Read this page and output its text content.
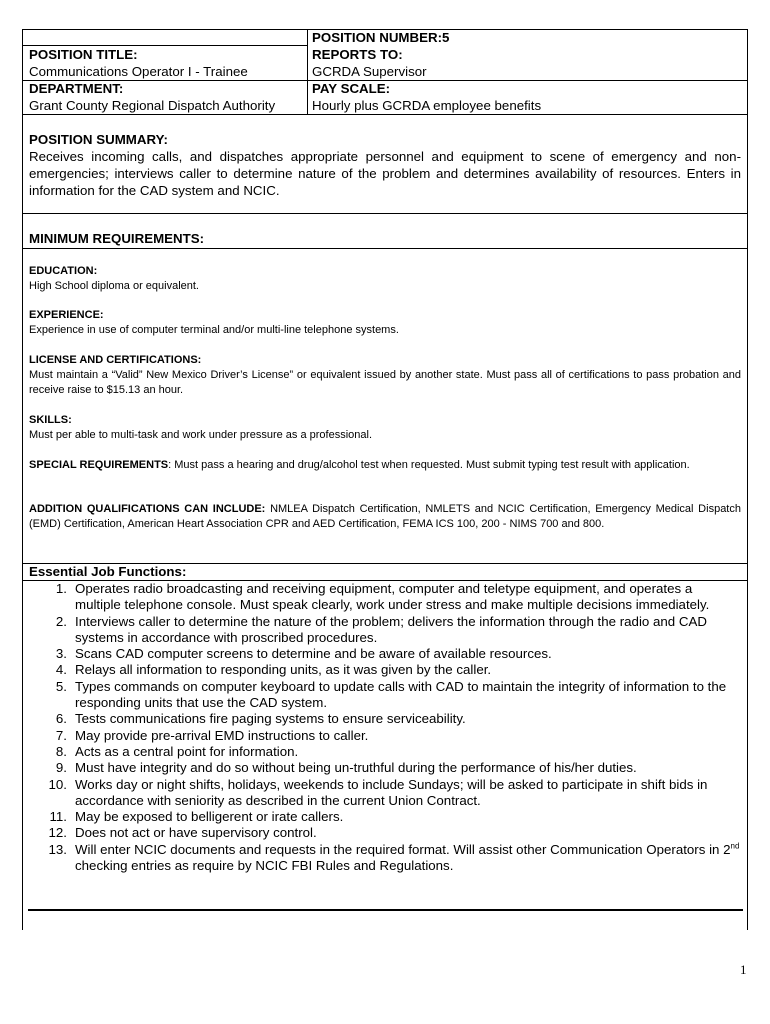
POSITION NUMBER:5
POSITION TITLE:
Communications Operator I - Trainee
REPORTS TO:
GCRDA Supervisor
DEPARTMENT:
Grant County Regional Dispatch Authority
PAY SCALE:
Hourly plus GCRDA employee benefits
POSITION SUMMARY:
Receives incoming calls, and dispatches appropriate personnel and equipment to scene of emergency and non-emergencies; interviews caller to determine nature of the problem and determines availability of resources. Enters in information for the CAD system and NCIC.
MINIMUM REQUIREMENTS:
EDUCATION:
High School diploma or equivalent.
EXPERIENCE:
Experience in use of computer terminal and/or multi-line telephone systems.
LICENSE AND CERTIFICATIONS:
Must maintain a “Valid” New Mexico Driver’s License” or equivalent issued by another state. Must pass all of certifications to pass probation and receive raise to $15.13 an hour.
SKILLS:
Must per able to multi-task and work under pressure as a professional.
SPECIAL REQUIREMENTS: Must pass a hearing and drug/alcohol test when requested. Must submit typing test result with application.
ADDITION QUALIFICATIONS CAN INCLUDE: NMLEA Dispatch Certification, NMLETS and NCIC Certification, Emergency Medical Dispatch (EMD) Certification, American Heart Association CPR and AED Certification, FEMA ICS 100, 200 - NIMS 700 and 800.
Essential Job Functions:
1. Operates radio broadcasting and receiving equipment, computer and teletype equipment, and operates a multiple telephone console. Must speak clearly, work under stress and make multiple decisions immediately.
2. Interviews caller to determine the nature of the problem; delivers the information through the radio and CAD systems in accordance with proscribed procedures.
3. Scans CAD computer screens to determine and be aware of available resources.
4. Relays all information to responding units, as it was given by the caller.
5. Types commands on computer keyboard to update calls with CAD to maintain the integrity of information to the responding units that use the CAD system.
6. Tests communications fire paging systems to ensure serviceability.
7. May provide pre-arrival EMD instructions to caller.
8. Acts as a central point for information.
9. Must have integrity and do so without being un-truthful during the performance of his/her duties.
10. Works day or night shifts, holidays, weekends to include Sundays; will be asked to participate in shift bids in accordance with seniority as described in the current Union Contract.
11. May be exposed to belligerent or irate callers.
12. Does not act or have supervisory control.
13. Will enter NCIC documents and requests in the required format. Will assist other Communication Operators in 2nd checking entries as require by NCIC FBI Rules and Regulations.
1
